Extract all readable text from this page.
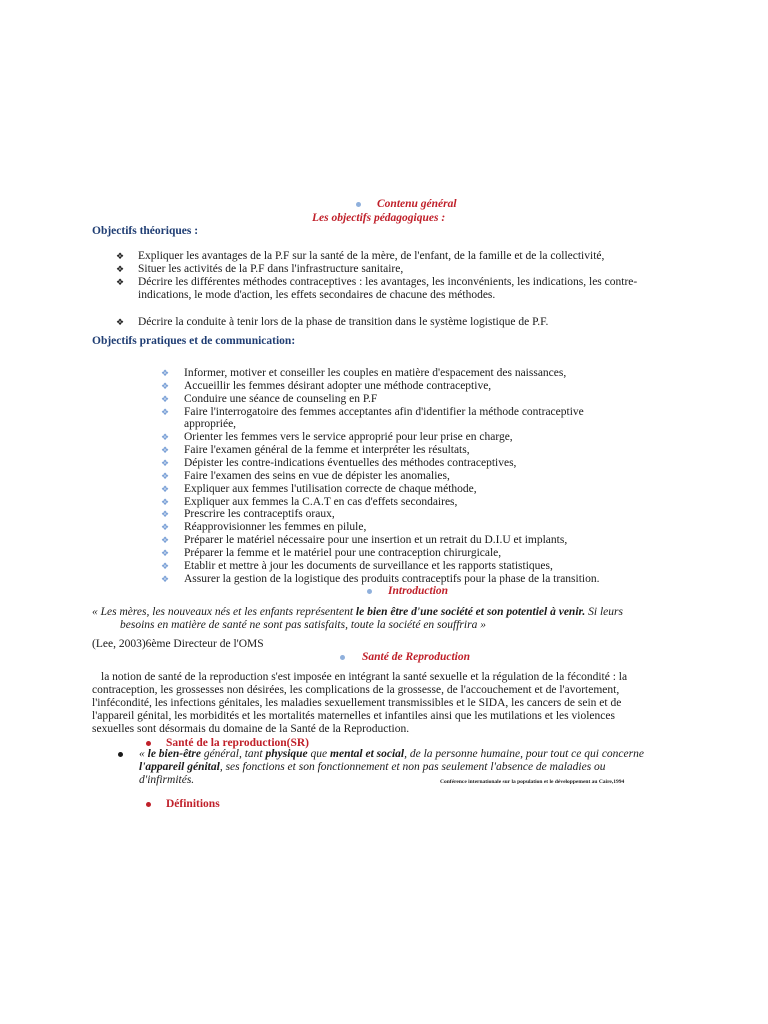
Contenu général
Les objectifs pédagogiques :
Objectifs théoriques :
❖ Expliquer les avantages de la P.F sur la santé de la mère, de l'enfant, de la famille et de la collectivité,
❖ Situer les activités de la P.F dans l'infrastructure sanitaire,
❖ Décrire les différentes méthodes contraceptives : les avantages, les inconvénients, les indications, les contre-
indications, le mode d'action, les effets secondaires de chacune des méthodes.
❖ Décrire la conduite à tenir lors de la phase de transition dans le système logistique de P.F.
Objectifs pratiques et de communication:
❖ Informer, motiver et conseiller les couples en matière d'espacement des naissances,
❖ Accueillir les femmes désirant adopter une méthode contraceptive,
❖ Conduire une séance de counseling en P.F
❖ Faire l'interrogatoire des femmes acceptantes afin d'identifier la méthode contraceptive
appropriée,
❖ Orienter les femmes vers le service approprié pour leur prise en charge,
❖ Faire l'examen général de la femme et interpréter les résultats,
❖ Dépister les contre-indications éventuelles des méthodes contraceptives,
❖ Faire l'examen des seins en vue de dépister les anomalies,
❖ Expliquer aux femmes l'utilisation correcte de chaque méthode,
❖ Expliquer aux femmes la C.A.T en cas d'effets secondaires,
❖ Prescrire les contraceptifs oraux,
❖ Réapprovisionner les femmes en pilule,
❖ Préparer le matériel nécessaire pour une insertion et un retrait du D.I.U et implants,
❖ Préparer la femme et le matériel pour une contraception chirurgicale,
❖ Etablir et mettre à jour les documents de surveillance et les rapports statistiques,
❖ Assurer la gestion de la logistique des produits contraceptifs pour la phase de la transition.
Introduction
« Les mères, les nouveaux nés et les enfants représentent le bien être d'une société et son potentiel à venir. Si leurs
besoins en matière de santé ne sont pas satisfaits, toute la société en souffrira »
(Lee, 2003)6ème Directeur de l'OMS
Santé de Reproduction
la notion de santé de la reproduction s'est imposée en intégrant la santé sexuelle et la régulation de la fécondité : la
contraception, les grossesses non désirées, les complications de la grossesse, de l'accouchement et de l'avortement,
l'infécondité, les infections génitales, les maladies sexuellement transmissibles et le SIDA, les cancers de sein et de
l'appareil génital, les morbidités et les mortalités maternelles et infantiles ainsi que les mutilations et les violences
sexuelles sont désormais du domaine de la Santé de la Reproduction.
Santé de la reproduction(SR)
« le bien-être général, tant physique que mental et social, de la personne humaine, pour tout ce qui concerne
l'appareil génital, ses fonctions et son fonctionnement et non pas seulement l'absence de maladies ou
d'infirmités.	Conférence internationale sur la population et le développement au Caire,1994
Définitions
